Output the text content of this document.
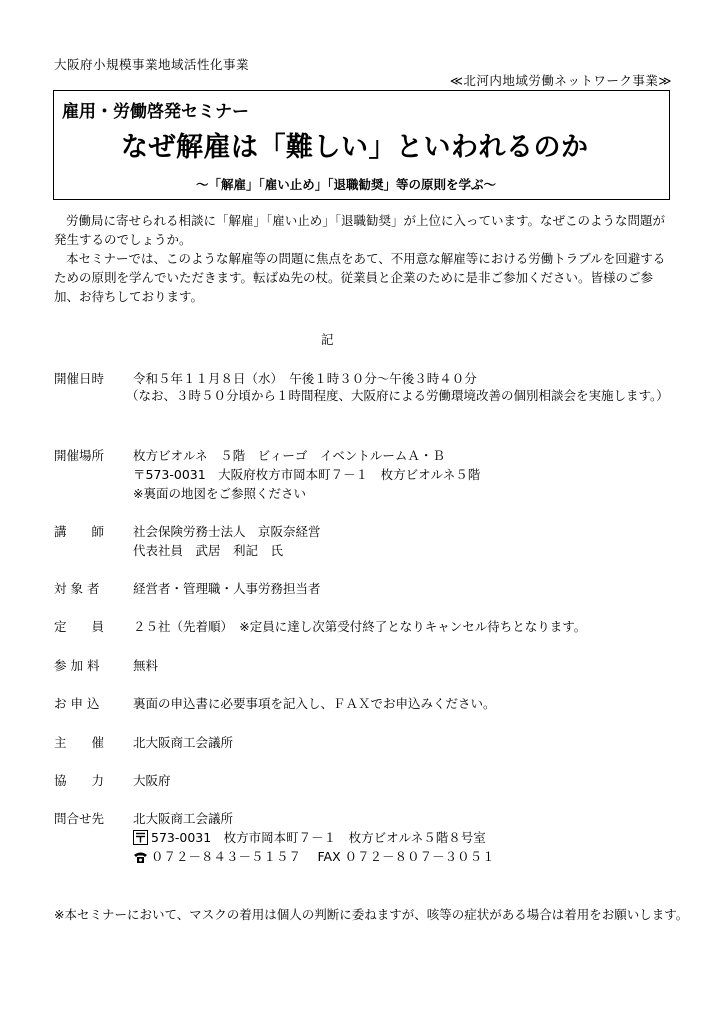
大阪府小規模事業地域活性化事業
≪北河内地域労働ネットワーク事業≫
雇用・労働啓発セミナー
なぜ解雇は「難しい」といわれるのか
～「解雇」「雇い止め」「退職勧奨」等の原則を学ぶ～
労働局に寄せられる相談に「解雇」「雇い止め」「退職勧奨」が上位に入っています。なぜこのような問題が発生するのでしょうか。
本セミナーでは、このような解雇等の問題に焦点をあて、不用意な解雇等における労働トラブルを回避するための原則を学んでいただきます。転ばぬ先の杖。従業員と企業のために是非ご参加ください。皆様のご参加、お待ちしております。
記
開催日時 令和５年１１月８日（水）　午後１時３０分～午後３時４０分
（なお、３時５０分頃から１時間程度、大阪府による労働環境改善の個別相談会を実施します。）
開催場所 枚方ビオルネ　５階　ビィーゴ　イベントルームＡ・Ｂ
〒573-0031　大阪府枚方市岡本町７－１　枚方ビオルネ５階
※裏面の地図をご参照ください
講　　師 社会保険労務士法人　京阪奈経営
代表社員　武居　利記　氏
対 象 者	経営者・管理職・人事労務担当者
定　　員 ２５社（先着順）　※定員に達し次第受付終了となりキャンセル待ちとなります。
参 加 料	無料
お 申 込	裏面の申込書に必要事項を記入し、ＦＡＸでお申込みください。
主　　催 北大阪商工会議所
協　　力 大阪府
問合せ先 北大阪商工会議所
573-0031　枚方市岡本町７－１　枚方ビオルネ５階８号室
０７２－８４３－５１５７　 FAX ０７２－８０７－３０５１
※本セミナーにおいて、マスクの着用は個人の判断に委ねますが、咳等の症状がある場合は着用をお願いします。
